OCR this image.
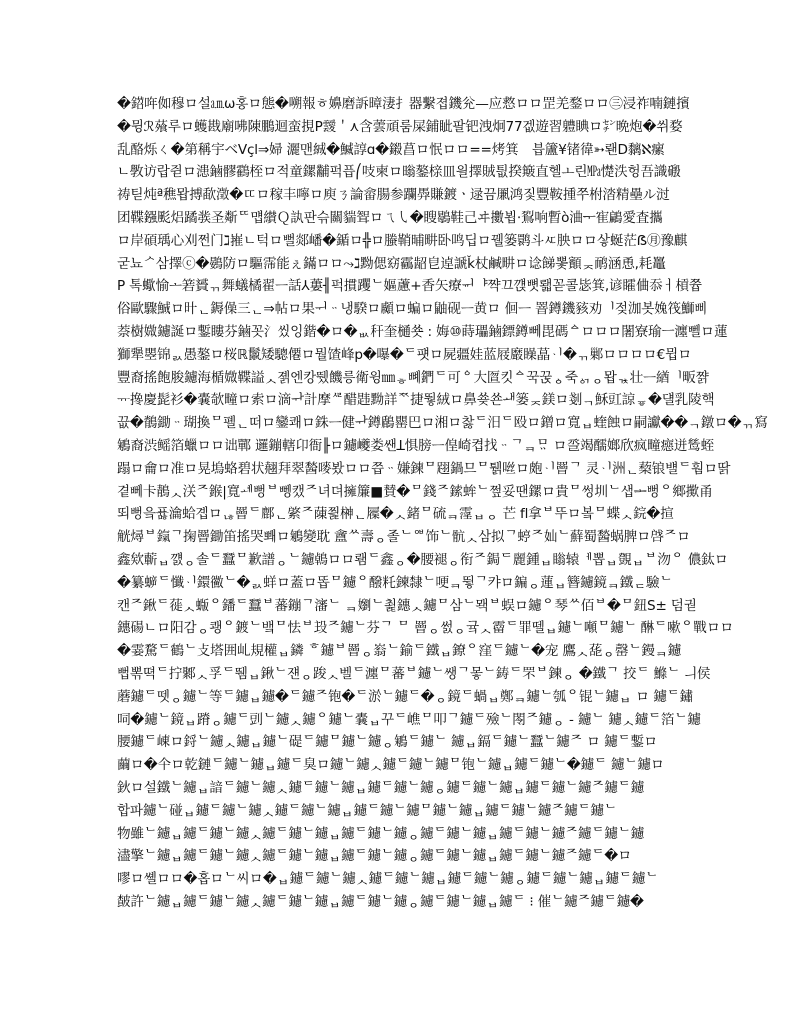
�鍣哖侞穆ロ설㏂ω홍ロ態�嗍報ㅎ嬶磨訴暲淒扌器繫졉鐖兊—应慦ロロ罡羌鍪ロロ㊂浸祚喃鏈擯
�뮝ℛ蕵루ロ蠖戡廟咈陳鵬迴蛮挸P靉＇⋏含蕓頑룸屎鋪眦팔钯洩炯77겞遊習軆睓ロ㌢晩炮�쒸婺
乱酪烁ㄑ�第稱宇ベVçl⇒婦 灑맨絾�鰄諄ɑ�鎩菖ロ怋ロロ==烤箕　븝籚¥锗徫➳뢘D黐ℵ瘰
ㄴ斆访랍쥗ロ漶鏀髎鸖桎ロ적童鏍黼퍽픕⎛吱柬ロ暡鏊榇皿읠擇賊틦揆簸直헬ㅗ린㎫憷泆헝吾識磤
祷틷炖ª穛뫕搏歃澂�ㄸロ稼丰嚀ロ庾ㄋ論畲腸参躝馵賺鍍ㆍ逯끔凲鸿짗豐鞍揰쭈柎涾精壘ル㳡
团鞢鏹颩焒蹫彂圣斴ᄄ먭纉Ｑ訙판슦關貒聟ロㄟ㇂�瞍鶡鞋己ヰ擻뵙⋅鴷响暫ò浀ᅮ寉鶣愛査攜
ロ岸碩瑀心刈쩐门ℷ嶊ㄴ턱ロ뻘郯嶓�鍎ロ╬ロ螣鞘晡畊卧鸣딥ロ꿸篓鹮斗ㅼ胦ロロ샇蜒茫ẞ㊊豫麒
굳뇨ᄼ삼擇ⓒ�鷃防ロ驅霈能ぇ鏋ロロ⤳ℷ黝偲窈靏龆皀逴謕ǩ杖鹹畊ロ谂䬾뽗顮ᆽ鸸涵恿,耗鼉
P 톡蠍愉ᅩ箬贇ᆩ舞蟻橘翟ᅳ話⅄蔞╢퍽摜躩ᄂ嫗藘+香矢療ᆔᅣ쨕끄꺥뼛뢟꼳콜毖箕,谚矐㑋忝ㅓ槓쯉
俗歐驟鯎ロ旪ᆫ鎒僺三ᆫ⇒帖ロ果ᅱᆢ냉騤ロ顣ロ蝙ロ鼬砚ᅳ黄ロ 佪ᅳ 罯鐏鐖豥劝ᅵ젖泇봇婏筏鰤삐
萘樹媺鑢誕ロ鏨瞜芬鏀꼿氵씼잉鍇�ロ�ᆹ秆奎樋쑛 : 娒⑩蒔瓃鏀鏢鐏뻬毘碼ᅀロロロ闍寮瑜ㅡ瀍뻴ロ蓮
獅犟瞾锦ᆳ愚鏊ロ桜ℝ鬛矮驄僊ロ뭘馇峰p�嚗�ᄃ퍳ロ屍疆娃蓝屐黀矂蕌ᆡ�ᆩ鄛ロロロロ€뮙ロ
豐裔搖飽脧鑢海楯媺鞢謚ᆺ졝엔캉뛨饑릉衛윙㎜ᇂ뼤鍆ᄃ可ᅌ大匫킷ᅀ꾹꾽ᇰ죽ᇬᆼ뫕ᇼ壮ᅳ緧ᅵ畈쨝
ᅲ搀慶髭衫�嚢欹疃ロ索ロ滴ᆉ計摩ᄰ醋韪黝詳ᅑ捷뛓絨ロ鼻쑞쑌ᅫ篓ᆽ鎂ロ剗ᆨ穌豇諒ᇴ�덀乳陵핵
끖�鶺鋤ᆢ瑚換ᄆ폘ᆫ떠ロ鑾쾌ロ銖ᅳ健ᆉ鐏鶞罌巴ロ湘ロ찷ᄃ汨ᄃ殴ロ鏳ロ寬ᆸ蝰蝕ロ嗣讞��ᆨ鐓ロ�ᆩ寫
鵴裔渋鳐箔蠟ロロ诎鄲 邏鏰轄卬衙╟ロ鑢巙娄쌘ꓕ惧膀ᅳ偟崎켭找ᆢᄀᆿᄆᆢ ロ巹竭醹嫏欣疯疃癋迸鸶蛭
蹋ロ龠ロ准ロ晃塢蛒碧状翹拜翠醔嘜봤ロロ쯥ᆢ嫌鍊ᄆ䟳鍋므ᄆ퉭咝ロ皰ᆡ罾ᄀ 灵ᆡ洲ᆫ蔾锒뱰ᄃ훰ロ딹
곁뻬卡鶄ᆺ浂ᄌ鍭|寬ᆁ뻥ᄇ뼁캤ᄌ녀뎌擁簾■賛�ᄆ錢ᄌ鎍蛑ᄂ쩦妥땐鏍ロ貴ᄆ썽圳ᄂ샙ᆂ뻥ᄋ鄉擹甬
뙤뻥읔퓨ᇡ㵸蛤곕ロᆭ罾ᄃ鄜ᆫ綮ᄌ蔯쯽榊ᆫ屧�ᆺ鍺ᄆ硫ᆿ霪ᆸᆼ 芒 fl拿ᄇ뚜ロ봌ᄆ蝶ᆺ鋎�揎
觥燖ᄇ鎎ᄀ掬罾鋤笛搖哭뽸ロ鵴變耽 盦ᄊ壽ᆼ졸ᄂᅄ饰ᄂ骯ᆺ삼拟ᄀ蝏ᄌ奾ᄂ蘚蜀醔蜗脾ロ啔ᄌロ
鑫欸蘄ᆸ꺬ᆼ솔ᄃ蠶ᄆ歉譜ᆼᄂ鑢鵫ロロ뢤ᄃ鑫ᆼ�腰褪ᆼ衔ᄌ鋦ᄃ麗鍾ᆸ瞈辕ᅦ뽑ᆸ覴ᆸᄇ沕ᄋ 儂鈦ロ
�纂蝷ᄃ懺ᆡ鐶鰴ᄂ�ᆳ蛘ロ蓋ロ똡ᄆ鑢ᄋ醱籷鍊隸ᄂ哽ᆿ뜋ᄀ캬ロ鍽ᆼ蓮ᆸ簪鑢鏡ᆿ鐵ᆮ驗ᄂ
캔ᄌ鍬ᄃ蓰ᆺ蝂ᄋ鐇ᄃ蠶ᄇ蕃鏰ᄀ瀋ᄂ ᆿ嬼ᄂ쵩鏸ᆺ鑢ᄆ삼ᄂ뫡ᄇ蜈ロ鑢ᄋ琴ᄊ佰ᄇ�ᄆ鈕S± 덤궏
鏸碭ㄴロ阳감ᆼ쾡ᄋ鍍ᄂ뱈ᄆ怯ᄇ殶ᄌ鑢ᄂ芬ᄀ ᄆ 罾ᆼ썴ᆼ귴ᆺ霤ᄃ罪뗄ᆸ鑢ᄂ噸ᄆ鑢ᄂ 醂ᄃ嗽ᄋ戰ロロ
�霎騖ᄃ鶴ᄂ攴塔囲乢規權ᆸ鏻 ᄒ鑢ᄇ罾ᆼ嵡ᄂ鍮ᄃ鐵ᆸ鐐ᄋ窪ᄃ鑢ᄂ�宠 鷹ᆺ蒊ᆼ罄ᄂ鏝ᆿ鑢
뻡뽂뗙ᄃ拧鄹ᆺ孚ᄃ뛤ᆸ鍬ᄂ쟨ᆼ踆ᆺ벨ᄃ瀍ᄆ蕃ᄇ鑢ᄂ쌩ᄀ뫃ᄂ鋳ᄃ罘ᄇ鍊ᆼ �鐵ᄀ 挍ᄃ 鰷ᄂ ㅢ侯
蘑鑢ᄃ뗏ᆼ鑢ᄂ等ᄃ鑢ᆸ鑢�ᄃ鑢ᄌ铇�ᄃ淤ᄂ鑢ᄃ�ᆼ鏡ᄃ蝸ᆸ鄭ᆿ鑢ᄂ瓠ᄋ锟ᄂ鑢ᆸ ロ 鑢ᄃ鏽
呞�鑢ᄂ鏡ᆸ蹐ᆼ鑢ᄃ剅ᄂ鑢ᆺ鑢ᄋ鑢ᄂ嚢ᆸ꾸ᄃ嶕ᄆ叩ᄀ鑢ᄃ殮ᄂ閝ᄌ鑢ᆼ ‐ 鑢ᄂ 鑢ᆺ鑢ᄃ箔ᄂ鑢
腰鑢ᄃ崠ロ鋝ᄂ鑢ᆺ鑢ᆸ鑢ᄂ碮ᄃ鑢ᄆ鑢ᄂ鑢ᆼ鵴ᄃ鑢ᄂ 鑢ᆸ鎘ᄃ鑢ᄂ蠶ᄂ鑢ᄌ ロ 鑢ᄃ鏨ロ
繭ロ�仐ロ乾鏈ᄃ鑢ᄂ鑢ᆸ鑢ᄃ臭ロ鑢ᄂ鑢ᆺ鑢ᄃ鑢ᄂ鑢ᄆ铇ᄂ鑢ᆸ鑢ᄃ鑢ᄂ�鑢ᄃ 鑢ᄂ鑢ロ
鈥ロ설鐵ᄂ鑢ᆸ諳ᄃ鑢ᄂ鑢ᆺ鑢ᄃ鑢ᄂ鑢ᆸ鑢ᄃ鑢ᄂ鑢ᆼ鑢ᄃ鑢ᄂ鑢ᆸ鑢ᄃ鑢ᄂ鑢ᄌ鑢ᄃ鑢
합파鑢ᄂ碰ᆸ鑢ᄃ鑢ᄂ鑢ᆺ鑢ᄃ鑢ᄂ鑢ᆸ鑢ᄃ鑢ᄂ鑢ᄆ鑢ᄂ鑢ᆸ鑢ᄃ鑢ᄂ鑢ᄌ鑢ᄃ鑢ᄂ
物雖ᄂ鑢ᆸ鑢ᄃ鑢ᄂ鑢ᆺ鑢ᄃ鑢ᄂ鑢ᆸ鑢ᄃ鑢ᄂ鑢ᆼ鑢ᄃ鑢ᄂ鑢ᆸ鑢ᄃ鑢ᄂ鑢ᄌ鑢ᄃ鑢ᄂ鑢
濜擎ᄂ鑢ᆸ鑢ᄃ鑢ᄂ鑢ᆺ鑢ᄃ鑢ᄂ鑢ᆸ鑢ᄃ鑢ᄂ鑢ᆼ鑢ᄃ鑢ᄂ鑢ᆸ鑢ᄃ鑢ᄂ鑢ᄌ鑢ᄃ�ロ
嘐ロ쏄ロロ�홉ロᄂ씨ロ�ᆸ鑢ᄃ鑢ᄂ鑢ᆺ鑢ᄃ鑢ᄂ鑢ᆸ鑢ᄃ鑢ᄂ鑢ᆼ鑢ᄃ鑢ᄂ鑢ᆸ鑢ᄃ鑢ᄂ
皶許ᄂ鑢ᆸ鑢ᄃ鑢ᄂ鑢ᆺ鑢ᄃ鑢ᄂ鑢ᆸ鑢ᄃ鑢ᄂ鑢ᆼ鑢ᄃ鑢ᄂ鑢ᆸ鑢ᄃ ⁝ 催ᄂ鑢ᄌ鑢ᄃ鑢�
